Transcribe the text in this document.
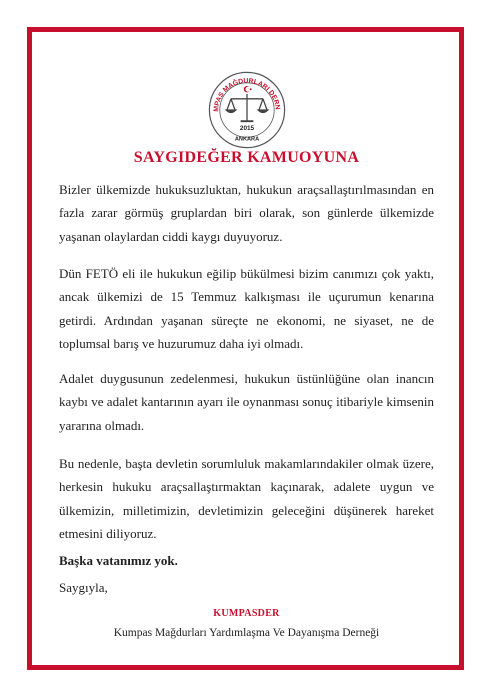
MPAS MAĞDURLARI DERN
2015
ANKARA
SAYGIDEĞER KAMUOYUNA

Bizler ülkemizde hukuksuzluktan, hukukun araçsallaştırılmasından en fazla zarar görmüş gruplardan biri olarak, son günlerde ülkemizde yaşanan olaylardan ciddi kaygı duyuyoruz.

Dün FETÖ eli ile hukukun eğilip bükülmesi bizim canımızı çok yaktı, ancak ülkemizi de 15 Temmuz kalkışması ile uçurumun kenarına getirdi. Ardından yaşanan süreçte ne ekonomi, ne siyaset, ne de toplumsal barış ve huzurumuz daha iyi olmadı.

Adalet duygusunun zedelenmesi, hukukun üstünlüğüne olan inancın kaybı ve adalet kantarının ayarı ile oynanması sonuç itibariyle kimsenin yararına olmadı.

Bu nedenle, başta devletin sorumluluk makamlarındakiler olmak üzere, herkesin hukuku araçsallaştırmaktan kaçınarak, adalete uygun ve ülkemizin, milletimizin, devletimizin geleceğini düşünerek hareket etmesini diliyoruz.

Başka vatanımız yok.
Saygıyla,
KUMPASDER
Kumpas Mağdurları Yardımlaşma Ve Dayanışma Derneği
